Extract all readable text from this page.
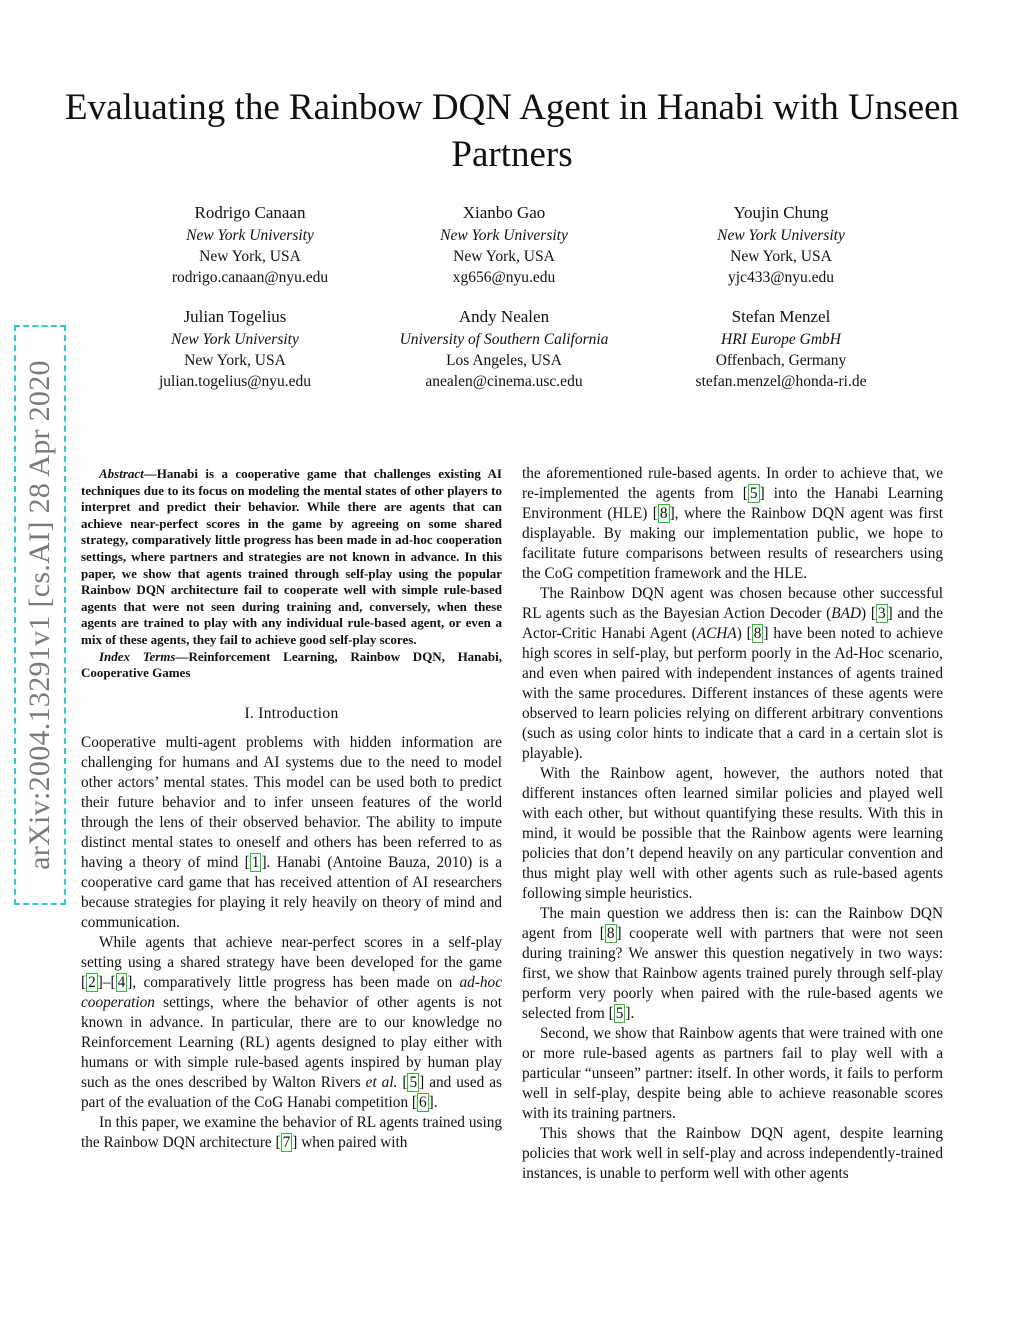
arXiv:2004.13291v1 [cs.AI] 28 Apr 2020
Evaluating the Rainbow DQN Agent in Hanabi with Unseen Partners
Rodrigo Canaan
New York University
New York, USA
rodrigo.canaan@nyu.edu
Xianbo Gao
New York University
New York, USA
xg656@nyu.edu
Youjin Chung
New York University
New York, USA
yjc433@nyu.edu
Julian Togelius
New York University
New York, USA
julian.togelius@nyu.edu
Andy Nealen
University of Southern California
Los Angeles, USA
anealen@cinema.usc.edu
Stefan Menzel
HRI Europe GmbH
Offenbach, Germany
stefan.menzel@honda-ri.de

Abstract—Hanabi is a cooperative game that challenges existing AI techniques due to its focus on modeling the mental states of other players to interpret and predict their behavior. While there are agents that can achieve near-perfect scores in the game by agreeing on some shared strategy, comparatively little progress has been made in ad-hoc cooperation settings, where partners and strategies are not known in advance. In this paper, we show that agents trained through self-play using the popular Rainbow DQN architecture fail to cooperate well with simple rule-based agents that were not seen during training and, conversely, when these agents are trained to play with any individual rule-based agent, or even a mix of these agents, they fail to achieve good self-play scores.

Index Terms—Reinforcement Learning, Rainbow DQN, Hanabi, Cooperative Games

I. Introduction

Cooperative multi-agent problems with hidden information are challenging for humans and AI systems due to the need to model other actors’ mental states. This model can be used both to predict their future behavior and to infer unseen features of the world through the lens of their observed behavior. The ability to impute distinct mental states to oneself and others has been referred to as having a theory of mind [ 1 ]. Hanabi (Antoine Bauza, 2010) is a cooperative card game that has received attention of AI researchers because strategies for playing it rely heavily on theory of mind and communication.

While agents that achieve near-perfect scores in a self-play setting using a shared strategy have been developed for the game [ 2 ]–[ 4 ], comparatively little progress has been made on ad-hoc cooperation settings, where the behavior of other agents is not known in advance. In particular, there are to our knowledge no Reinforcement Learning (RL) agents designed to play either with humans or with simple rule-based agents inspired by human play such as the ones described by Walton Rivers et al. [ 5 ] and used as part of the evaluation of the CoG Hanabi competition [ 6 ].

In this paper, we examine the behavior of RL agents trained using the Rainbow DQN architecture [ 7 ] when paired with

the aforementioned rule-based agents. In order to achieve that, we re-implemented the agents from [ 5 ] into the Hanabi Learning Environment (HLE) [ 8 ], where the Rainbow DQN agent was first displayable. By making our implementation public, we hope to facilitate future comparisons between results of researchers using the CoG competition framework and the HLE.

The Rainbow DQN agent was chosen because other successful RL agents such as the Bayesian Action Decoder (BAD) [ 3 ] and the Actor-Critic Hanabi Agent (ACHA) [ 8 ] have been noted to achieve high scores in self-play, but perform poorly in the Ad-Hoc scenario, and even when paired with independent instances of agents trained with the same procedures. Different instances of these agents were observed to learn policies relying on different arbitrary conventions (such as using color hints to indicate that a card in a certain slot is playable).

With the Rainbow agent, however, the authors noted that different instances often learned similar policies and played well with each other, but without quantifying these results. With this in mind, it would be possible that the Rainbow agents were learning policies that don’t depend heavily on any particular convention and thus might play well with other agents such as rule-based agents following simple heuristics.

The main question we address then is: can the Rainbow DQN agent from [ 8 ] cooperate well with partners that were not seen during training? We answer this question negatively in two ways: first, we show that Rainbow agents trained purely through self-play perform very poorly when paired with the rule-based agents we selected from [ 5 ].

Second, we show that Rainbow agents that were trained with one or more rule-based agents as partners fail to play well with a particular “unseen” partner: itself. In other words, it fails to perform well in self-play, despite being able to achieve reasonable scores with its training partners.

This shows that the Rainbow DQN agent, despite learning policies that work well in self-play and across independently-trained instances, is unable to perform well with other agents
